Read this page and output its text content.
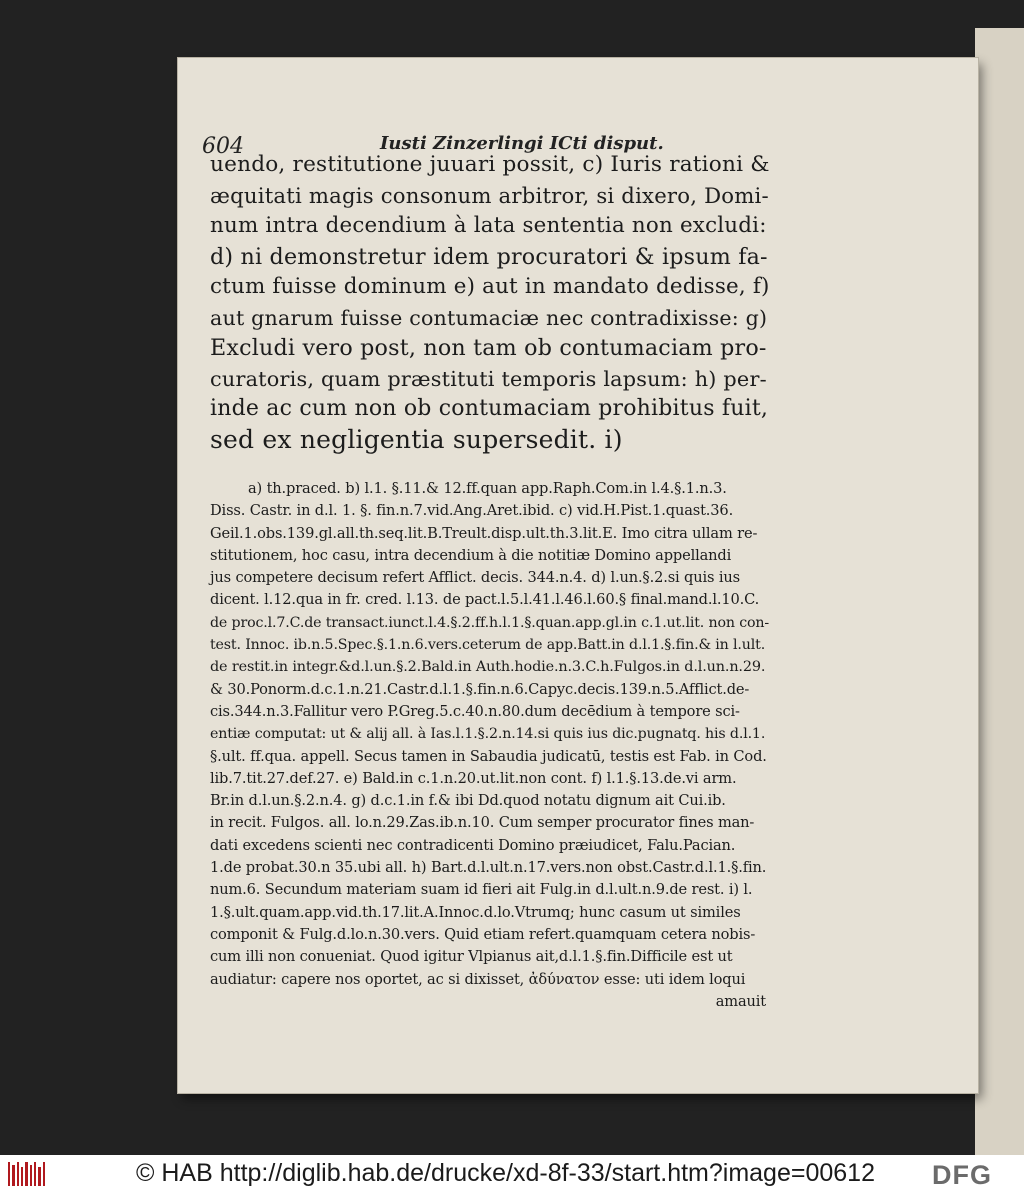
604	Iusti Zinzerlingi ICti disput.
uendo, restitutione juuari possit, c) Iuris rationi &
æquitati magis consonum arbitror, si dixero, Domi-
num intra decendium à lata sententia non excludi:
d) ni demonstretur idem procuratori & ipsum fa-
ctum fuisse dominum e) aut in mandato dedisse, f)
aut gnarum fuisse contumaciæ nec contradixisse: g)
Excludi vero post, non tam ob contumaciam pro-
curatoris, quam præstituti temporis lapsum: h) per-
inde ac cum non ob contumaciam prohibitus fuit,
sed ex negligentia supersedit. i)
a) th.praced. b) l.1. §.11.& 12.ff.quan app.Raph.Com.in l.4.§.1.n.3.
Diss. Castr. in d.l. 1. §. fin.n.7.vid.Ang.Aret.ibid. c) vid.H.Pist.1.quast.36.
Geil.1.obs.139.gl.all.th.seq.lit.B.Treult.disp.ult.th.3.lit.E. Imo citra ullam re-
stitutionem, hoc casu, intra decendium à die notitiæ Domino appellandi
jus competere decisum refert Afflict. decis. 344.n.4. d) l.un.§.2.si quis ius
dicent. l.12.qua in fr. cred. l.13. de pact.l.5.l.41.l.46.l.60.§ final.mand.l.10.C.
de proc.l.7.C.de transact.iunct.l.4.§.2.ff.h.l.1.§.quan.app.gl.in c.1.ut.lit. non con-
test. Innoc. ib.n.5.Spec.§.1.n.6.vers.ceterum de app.Batt.in d.l.1.§.fin.& in l.ult.
de restit.in integr.&d.l.un.§.2.Bald.in Auth.hodie.n.3.C.h.Fulgos.in d.l.un.n.29.
& 30.Ponorm.d.c.1.n.21.Castr.d.l.1.§.fin.n.6.Capyc.decis.139.n.5.Afflict.de-
cis.344.n.3.Fallitur vero P.Greg.5.c.40.n.80.dum decēdium à tempore sci-
entiæ computat: ut & alij all. à Ias.l.1.§.2.n.14.si quis ius dic.pugnatq. his d.l.1.
§.ult. ff.qua. appell. Secus tamen in Sabaudia judicatū, testis est Fab. in Cod.
lib.7.tit.27.def.27. e) Bald.in c.1.n.20.ut.lit.non cont. f) l.1.§.13.de.vi arm.
Br.in d.l.un.§.2.n.4. g) d.c.1.in f.& ibi Dd.quod notatu dignum ait Cui.ib.
in recit. Fulgos. all. lo.n.29.Zas.ib.n.10. Cum semper procurator fines man-
dati excedens scienti nec contradicenti Domino præiudicet, Falu.Pacian.
1.de probat.30.n 35.ubi all. h) Bart.d.l.ult.n.17.vers.non obst.Castr.d.l.1.§.fin.
num.6. Secundum materiam suam id fieri ait Fulg.in d.l.ult.n.9.de rest. i) l.
1.§.ult.quam.app.vid.th.17.lit.A.Innoc.d.lo.Vtrumq; hunc casum ut similes
componit & Fulg.d.lo.n.30.vers. Quid etiam refert.quamquam cetera nobis-
cum illi non conueniat. Quod igitur Vlpianus ait,d.l.1.§.fin.Difficile est ut
audiatur: capere nos oportet, ac si dixisset, ἀδύνατον esse: uti idem loqui
amauit
© HAB http://diglib.hab.de/drucke/xd-8f-33/start.htm?image=00612 DFG
